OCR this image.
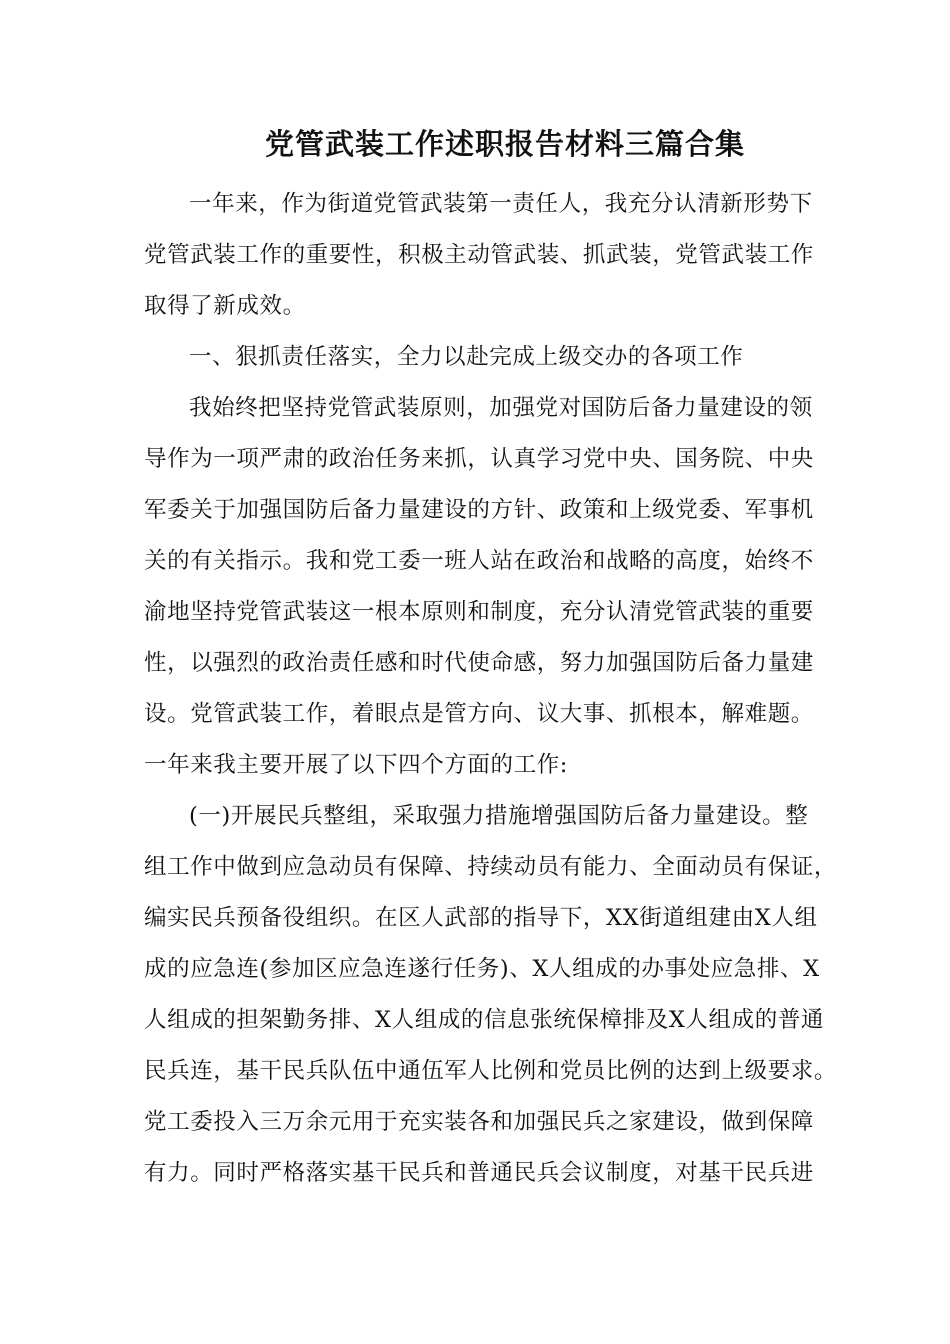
党管武装工作述职报告材料三篇合集
一年来，作为街道党管武装第一责任人，我充分认清新形势下
党管武装工作的重要性，积极主动管武装、抓武装，党管武装工作
取得了新成效。
一、狠抓责任落实，全力以赴完成上级交办的各项工作
我始终把坚持党管武装原则，加强党对国防后备力量建设的领
导作为一项严肃的政治任务来抓，认真学习党中央、国务院、中央
军委关于加强国防后备力量建设的方针、政策和上级党委、军事机
关的有关指示。我和党工委一班人站在政治和战略的高度，始终不
渝地坚持党管武装这一根本原则和制度，充分认清党管武装的重要
性，以强烈的政治责任感和时代使命感，努力加强国防后备力量建
设。党管武装工作，着眼点是管方向、议大事、抓根本，解难题。
一年来我主要开展了以下四个方面的工作:
(一)开展民兵整组，采取强力措施增强国防后备力量建设。整
组工作中做到应急动员有保障、持续动员有能力、全面动员有保证，
编实民兵预备役组织。在区人武部的指导下，XX街道组建由X人组
成的应急连(参加区应急连遂行任务)、X人组成的办事处应急排、X
人组成的担架勤务排、X人组成的信息张统保樟排及X人组成的普通
民兵连，基干民兵队伍中通伍军人比例和党员比例的达到上级要求。
党工委投入三万余元用于充实装各和加强民兵之家建设，做到保障
有力。同时严格落实基干民兵和普通民兵会议制度，对基干民兵进
